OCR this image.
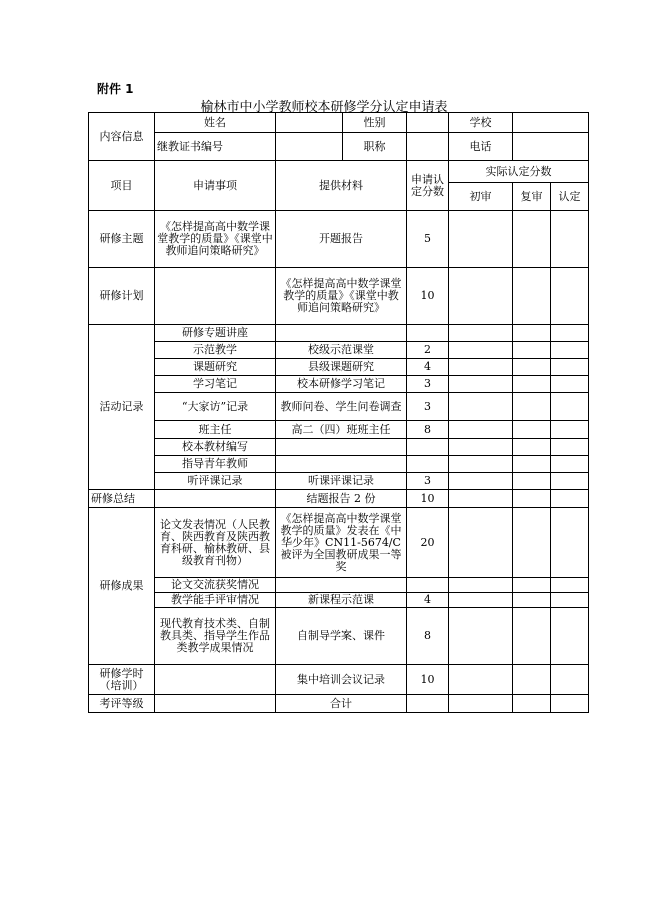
附件 1
榆林市中小学教师校本研修学分认定申请表
内容信息	姓名		性别		学校		
	继教证书编号		职称		电话		
项目	申请事项	提供材料		申请认定分数	实际认定分数		
					初审	复审	认定
研修主题	《怎样提高高中数学课堂教学的质量》《课堂中教师追问策略研究》	开题报告		5			
研修计划		《怎样提高高中数学课堂教学的质量》《课堂中教师追问策略研究》		10			
活动记录	研修专题讲座						
	示范教学	校级示范课堂		2			
	课题研究	县级课题研究		4			
	学习笔记	校本研修学习笔记		3			
	“大家访”记录	教师问卷、学生问卷调查		3			
	班主任	高二（四）班班主任		8			
	校本教材编写						
	指导青年教师						
	听评课记录	听课评课记录		3			
研修总结		结题报告 2 份		10			
研修成果	论文发表情况（人民教育、陕西教育及陕西教育科研、榆林教研、县级教育刊物）	《怎样提高高中数学课堂教学的质量》发表在《中华少年》CN11-5674/C 被评为全国教研成果一等奖		20			
	论文交流获奖情况						
	教学能手评审情况	新课程示范课		4			
	现代教育技术类、自制教具类、指导学生作品类教学成果情况	自制导学案、课件		8			
研修学时（培训）		集中培训会议记录		10			
考评等级		合计					
